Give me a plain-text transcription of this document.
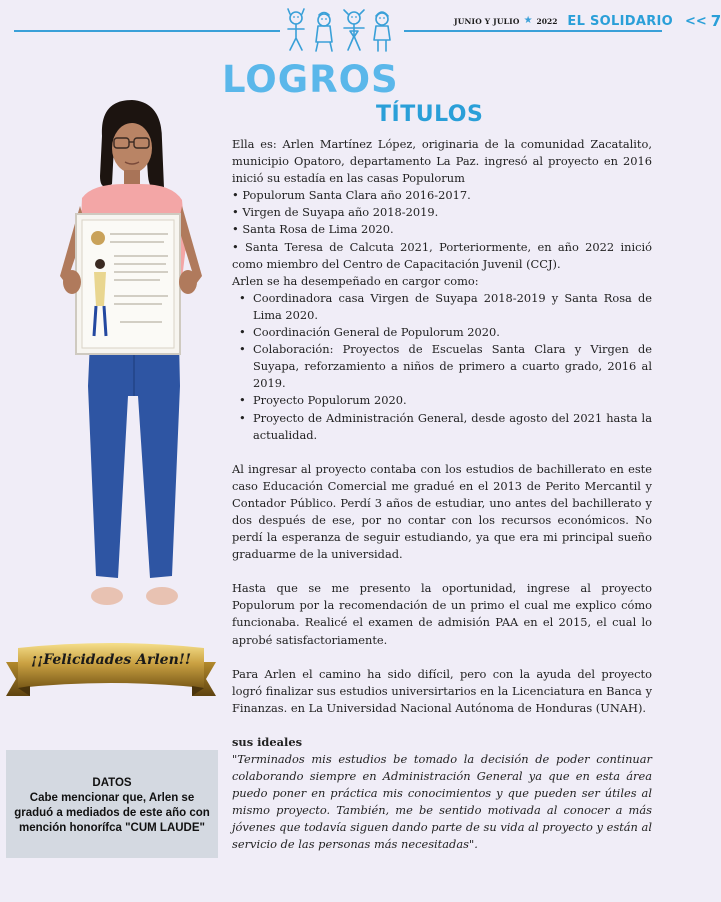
JUNIO Y JULIO ★ 2022 EL SOLIDARIO << 7
LOGROS
TÍTULOS
¡¡Felicidades Arlen!!
DATOS
Cabe mencionar que, Arlen se graduó a mediados de este año con mención honorífca "CUM LAUDE"

Ella es: Arlen Martínez López, originaria de la comunidad Zacatalito, municipio Opatoro, departamento La Paz. ingresó al proyecto en 2016 inició su estadía en las casas Populorum

• Populorum Santa Clara año 2016-2017.
• Virgen de Suyapa año 2018-2019.
• Santa Rosa de Lima 2020.
• Santa Teresa de Calcuta 2021, Porteriormente, en año 2022 inició como miembro del Centro de Capacitación Juvenil (CCJ).
Arlen se ha desempeñado en cargor como:
• Coordinadora casa Virgen de Suyapa 2018-2019 y Santa Rosa de Lima 2020.
• Coordinación General de Populorum 2020.
• Colaboración: Proyectos de Escuelas Santa Clara y Virgen de Suyapa, reforzamiento a niños de primero a cuarto grado, 2016 al 2019.
• Proyecto Populorum 2020.
• Proyecto de Administración General, desde agosto del 2021 hasta la actualidad.

Al ingresar al proyecto contaba con los estudios de bachillerato en este caso Educación Comercial me gradué en el 2013 de Perito Mercantil y Contador Público. Perdí 3 años de estudiar, uno antes del bachillerato y dos después de ese, por no contar con los recursos económicos. No perdí la esperanza de seguir estudiando, ya que era mi principal sueño graduarme de la universidad.

Hasta que se me presento la oportunidad, ingrese al proyecto Populorum por la recomendación de un primo el cual me explico cómo funcionaba. Realicé el examen de admisión PAA en el 2015, el cual lo aprobé satisfactoriamente.

Para Arlen el camino ha sido difícil, pero con la ayuda del proyecto logró finalizar sus estudios universirtarios en la Licenciatura en Banca y Finanzas. en La Universidad Nacional Autónoma de Honduras (UNAH).

sus ideales

"Terminados mis estudios be tomado la decisión de poder continuar colaborando siempre en Administración General ya que en esta área puedo poner en práctica mis conocimientos y que pueden ser útiles al mismo proyecto. También, me be sentido motivada al conocer a más jóvenes que todavía siguen dando parte de su vida al proyecto y están al servicio de las personas más necesitadas".
